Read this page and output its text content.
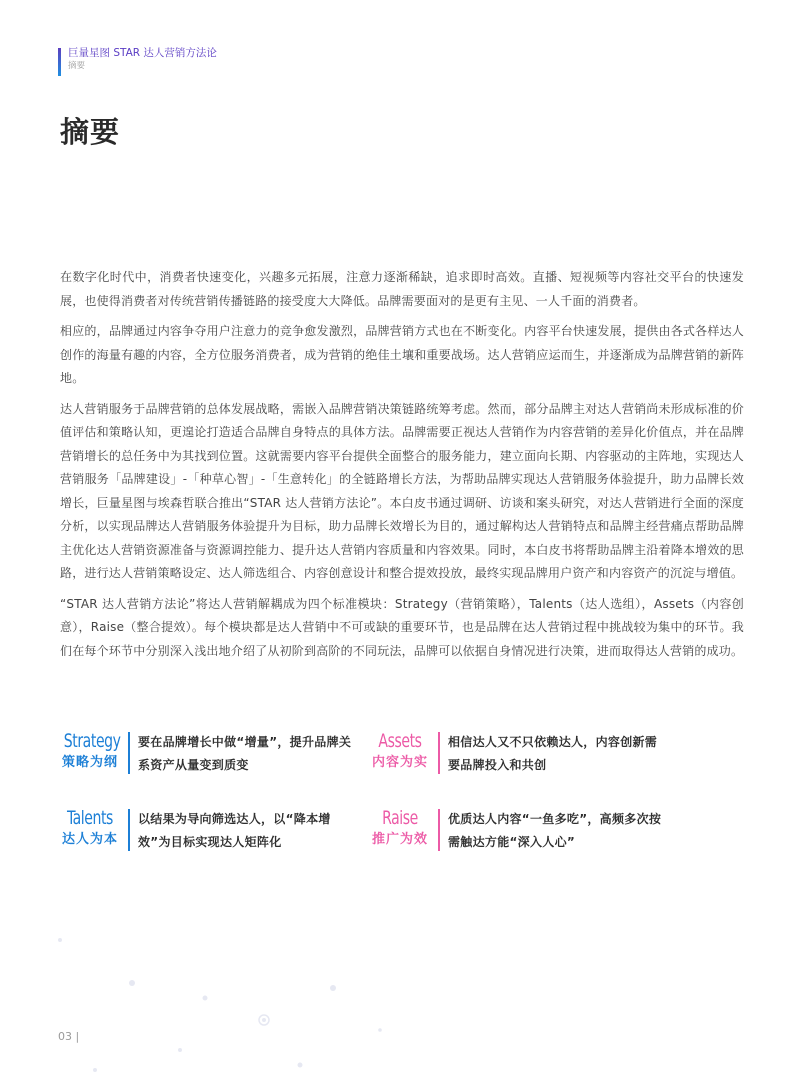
巨量星图 STAR 达人营销方法论
摘要
摘要

在数字化时代中，消费者快速变化，兴趣多元拓展，注意力逐渐稀缺，追求即时高效。直播、短视频等内容社交平台的快速发展，也使得消费者对传统营销传播链路的接受度大大降低。品牌需要面对的是更有主见、一人千面的消费者。

相应的，品牌通过内容争夺用户注意力的竞争愈发激烈，品牌营销方式也在不断变化。内容平台快速发展，提供由各式各样达人创作的海量有趣的内容，全方位服务消费者，成为营销的绝佳土壤和重要战场。达人营销应运而生，并逐渐成为品牌营销的新阵地。

达人营销服务于品牌营销的总体发展战略，需嵌入品牌营销决策链路统筹考虑。然而，部分品牌主对达人营销尚未形成标准的价值评估和策略认知，更遑论打造适合品牌自身特点的具体方法。品牌需要正视达人营销作为内容营销的差异化价值点，并在品牌营销增长的总任务中为其找到位置。这就需要内容平台提供全面整合的服务能力，建立面向长期、内容驱动的主阵地，实现达人营销服务「品牌建设」-「种草心智」-「生意转化」的全链路增长方法，为帮助品牌实现达人营销服务体验提升，助力品牌长效增长，巨量星图与埃森哲联合推出“STAR 达人营销方法论”。本白皮书通过调研、访谈和案头研究，对达人营销进行全面的深度分析，以实现品牌达人营销服务体验提升为目标，助力品牌长效增长为目的，通过解构达人营销特点和品牌主经营痛点帮助品牌主优化达人营销资源准备与资源调控能力、提升达人营销内容质量和内容效果。同时，本白皮书将帮助品牌主沿着降本增效的思路，进行达人营销策略设定、达人筛选组合、内容创意设计和整合提效投放，最终实现品牌用户资产和内容资产的沉淀与增值。

“STAR 达人营销方法论”将达人营销解耦成为四个标准模块：Strategy（营销策略），Talents（达人选组），Assets（内容创意），Raise（整合提效）。每个模块都是达人营销中不可或缺的重要环节，也是品牌在达人营销过程中挑战较为集中的环节。我们在每个环节中分别深入浅出地介绍了从初阶到高阶的不同玩法，品牌可以依据自身情况进行决策，进而取得达人营销的成功。

Strategy
策略为纲
要在品牌增长中做“增量”，提升品牌关系资产从量变到质变
Assets
内容为实
相信达人又不只依赖达人，内容创新需要品牌投入和共创
Talents
达人为本
以结果为导向筛选达人，以“降本增效”为目标实现达人矩阵化
Raise
推广为效
优质达人内容“一鱼多吃”，高频多次按需触达方能“深入人心”
03 |
